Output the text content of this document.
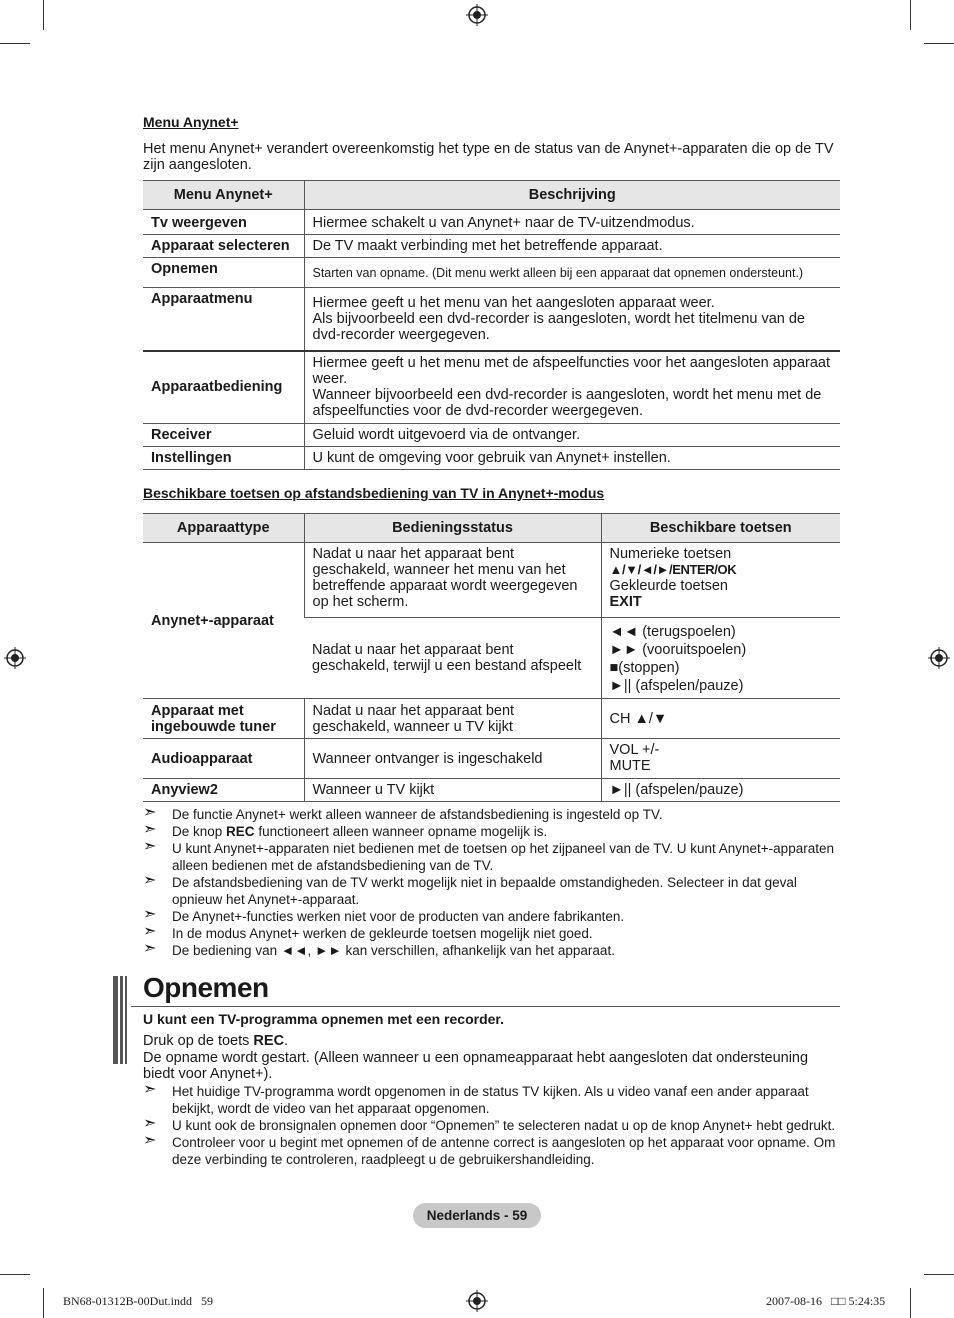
Menu Anynet+

Het menu Anynet+ verandert overeenkomstig het type en de status van de Anynet+-apparaten die op de TV zijn aangesloten.

Menu Anynet+	Beschrijving
Tv weergeven	Hiermee schakelt u van Anynet+ naar de TV-uitzendmodus.
Apparaat selecteren	De TV maakt verbinding met het betreffende apparaat.
Opnemen	Starten van opname. (Dit menu werkt alleen bij een apparaat dat opnemen ondersteunt.)
Apparaatmenu	Hiermee geeft u het menu van het aangesloten apparaat weer.
Als bijvoorbeeld een dvd-recorder is aangesloten, wordt het titelmenu van de dvd-recorder weergegeven.
Apparaatbediening	Hiermee geeft u het menu met de afspeelfuncties voor het aangesloten apparaat weer.
Wanneer bijvoorbeeld een dvd-recorder is aangesloten, wordt het menu met de afspeelfuncties voor de dvd-recorder weergegeven.
Receiver	Geluid wordt uitgevoerd via de ontvanger.
Instellingen	U kunt de omgeving voor gebruik van Anynet+ instellen.
Beschikbare toetsen op afstandsbediening van TV in Anynet+-modus
Apparaattype	Bedieningsstatus	Beschikbare toetsen
Anynet+-apparaat	Nadat u naar het apparaat bent geschakeld, wanneer het menu van het betreffende apparaat wordt weergegeven op het scherm.	Numerieke toetsen
▲/▼/◄/►/ENTER/OK
Gekleurde toetsen
EXIT

	Nadat u naar het apparaat bent geschakeld, terwijl u een bestand afspeelt	◄◄ (terugspoelen)
►► (vooruitspoelen)
■(stoppen)
►|| (afspelen/pauze)

Apparaat met ingebouwde tuner	Nadat u naar het apparaat bent geschakeld, wanneer u TV kijkt	CH ▲/▼
Audioapparaat	Wanneer ontvanger is ingeschakeld	VOL +/-
MUTE

Anyview2	Wanneer u TV kijkt	►|| (afspelen/pauze)
➣ De functie Anynet+ werkt alleen wanneer de afstandsbediening is ingesteld op TV.
➣ De knop REC functioneert alleen wanneer opname mogelijk is.
➣ U kunt Anynet+-apparaten niet bedienen met de toetsen op het zijpaneel van de TV. U kunt Anynet+-apparaten alleen bedienen met de afstandsbediening van de TV.
➣ De afstandsbediening van de TV werkt mogelijk niet in bepaalde omstandigheden. Selecteer in dat geval opnieuw het Anynet+-apparaat.
➣ De Anynet+-functies werken niet voor de producten van andere fabrikanten.
➣ In de modus Anynet+ werken de gekleurde toetsen mogelijk niet goed.
➣ De bediening van ◄◄, ►► kan verschillen, afhankelijk van het apparaat.
Opnemen
U kunt een TV-programma opnemen met een recorder.

Druk op de toets REC.

De opname wordt gestart. (Alleen wanneer u een opnameapparaat hebt aangesloten dat ondersteuning biedt voor Anynet+).

➣ Het huidige TV-programma wordt opgenomen in de status TV kijken. Als u video vanaf een ander apparaat bekijkt, wordt de video van het apparaat opgenomen.
➣ U kunt ook de bronsignalen opnemen door “Opnemen” te selecteren nadat u op de knop Anynet+ hebt gedrukt.
➣ Controleer voor u begint met opnemen of de antenne correct is aangesloten op het apparaat voor opname. Om deze verbinding te controleren, raadpleegt u de gebruikershandleiding.
Nederlands - 59
BN68-01312B-00Dut.indd   59	2007-08-16   □□ 5:24:35
